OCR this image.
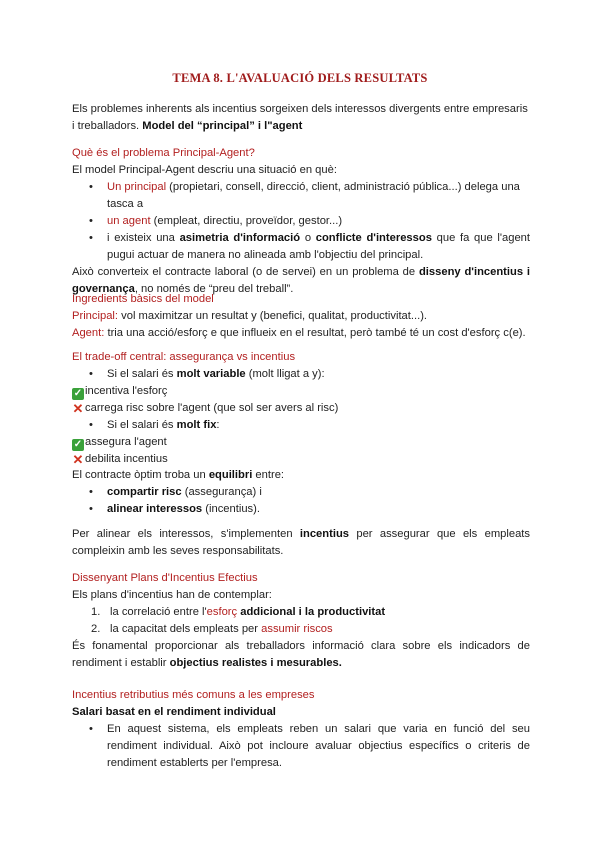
TEMA 8. L'AVALUACIÓ DELS RESULTATS
Els problemes inherents als incentius sorgeixen dels interessos divergents entre empresaris i treballadors. Model del “principal” i l"agent
Què és el problema Principal-Agent?
El model Principal-Agent descriu una situació en què:
• Un principal (propietari, consell, direcció, client, administració pública...) delega una tasca a
• un agent (empleat, directiu, proveïdor, gestor...)
• i existeix una asimetria d'informació o conflicte d'interessos que fa que l'agent pugui actuar de manera no alineada amb l'objectiu del principal.
Això converteix el contracte laboral (o de servei) en un problema de disseny d'incentius i governança, no només de “preu del treball”.
Ingredients bàsics del model
Principal: vol maximitzar un resultat y (benefici, qualitat, productivitat...).
Agent: tria una acció/esforç e que influeix en el resultat, però també té un cost d'esforç c(e).
El trade-off central: assegurança vs incentius
• Si el salari és molt variable (molt lligat a y):
✓ incentiva l'esforç
✕ carrega risc sobre l'agent (que sol ser avers al risc)
• Si el salari és molt fix:
✓ assegura l'agent
✕ debilita incentius
El contracte òptim troba un equilibri entre:
• compartir risc (assegurança) i
• alinear interessos (incentius).
Per alinear els interessos, s'implementen incentius per assegurar que els empleats compleixin amb les seves responsabilitats.
Dissenyant Plans d'Incentius Efectius
Els plans d'incentius han de contemplar:
1. la correlació entre l'esforç addicional i la productivitat
2. la capacitat dels empleats per assumir riscos
És fonamental proporcionar als treballadors informació clara sobre els indicadors de rendiment i establir objectius realistes i mesurables.
Incentius retributius més comuns a les empreses
Salari basat en el rendiment individual
• En aquest sistema, els empleats reben un salari que varia en funció del seu rendiment individual. Això pot incloure avaluar objectius específics o criteris de rendiment establerts per l'empresa.
